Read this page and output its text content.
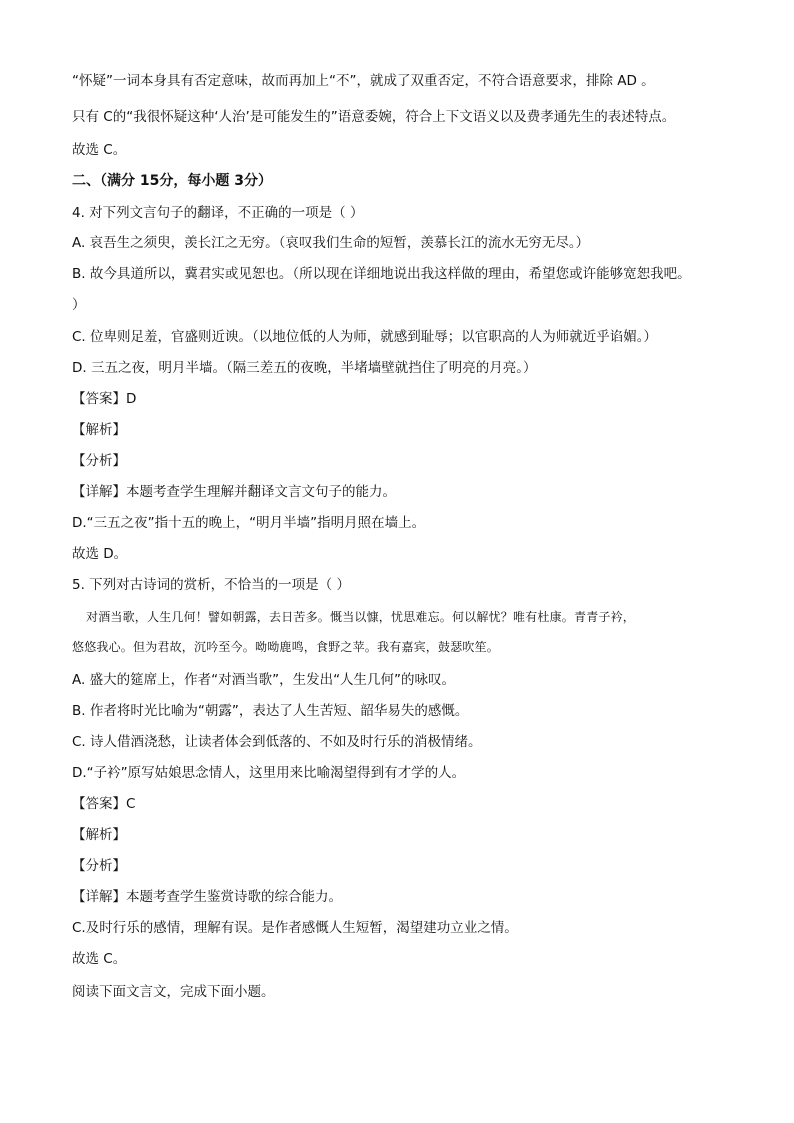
“怀疑”一词本身具有否定意味，故而再加上“不”，就成了双重否定，不符合语意要求，排除 AD 。
只有 C的“我很怀疑这种‘人治’是可能发生的”语意委婉，符合上下文语义以及费孝通先生的表述特点。
故选 C。
二、（满分 15分，每小题 3分）
4. 对下列文言句子的翻译，不正确的一项是（ ）
A. 哀吾生之须臾，羡长江之无穷。（哀叹我们生命的短暂，羡慕长江的流水无穷无尽。）
B. 故今具道所以，冀君实或见恕也。（所以现在详细地说出我这样做的理由，希望您或许能够宽恕我吧。
）
C. 位卑则足羞，官盛则近谀。（以地位低的人为师，就感到耻辱；以官职高的人为师就近乎谄媚。）
D. 三五之夜，明月半墙。（隔三差五的夜晚，半堵墙壁就挡住了明亮的月亮。）
【答案】D
【解析】
【分析】
【详解】本题考查学生理解并翻译文言文句子的能力。
D.“三五之夜”指十五的晚上，“明月半墙”指明月照在墙上。
故选 D。
5. 下列对古诗词的赏析，不恰当的一项是（ ）
对酒当歌，人生几何！譬如朝露，去日苦多。慨当以慷，忧思难忘。何以解忧？唯有杜康。青青子衿，
悠悠我心。但为君故，沉吟至今。呦呦鹿鸣，食野之苹。我有嘉宾，鼓瑟吹笙。
A. 盛大的筵席上，作者“对酒当歌”，生发出“人生几何”的咏叹。
B. 作者将时光比喻为“朝露”，表达了人生苦短、韶华易失的感慨。
C. 诗人借酒浇愁，让读者体会到低落的、不如及时行乐的消极情绪。
D.“子衿”原写姑娘思念情人，这里用来比喻渴望得到有才学的人。
【答案】C
【解析】
【分析】
【详解】本题考查学生鉴赏诗歌的综合能力。
C.及时行乐的感情，理解有误。是作者感慨人生短暂，渴望建功立业之情。
故选 C。
阅读下面文言文，完成下面小题。
